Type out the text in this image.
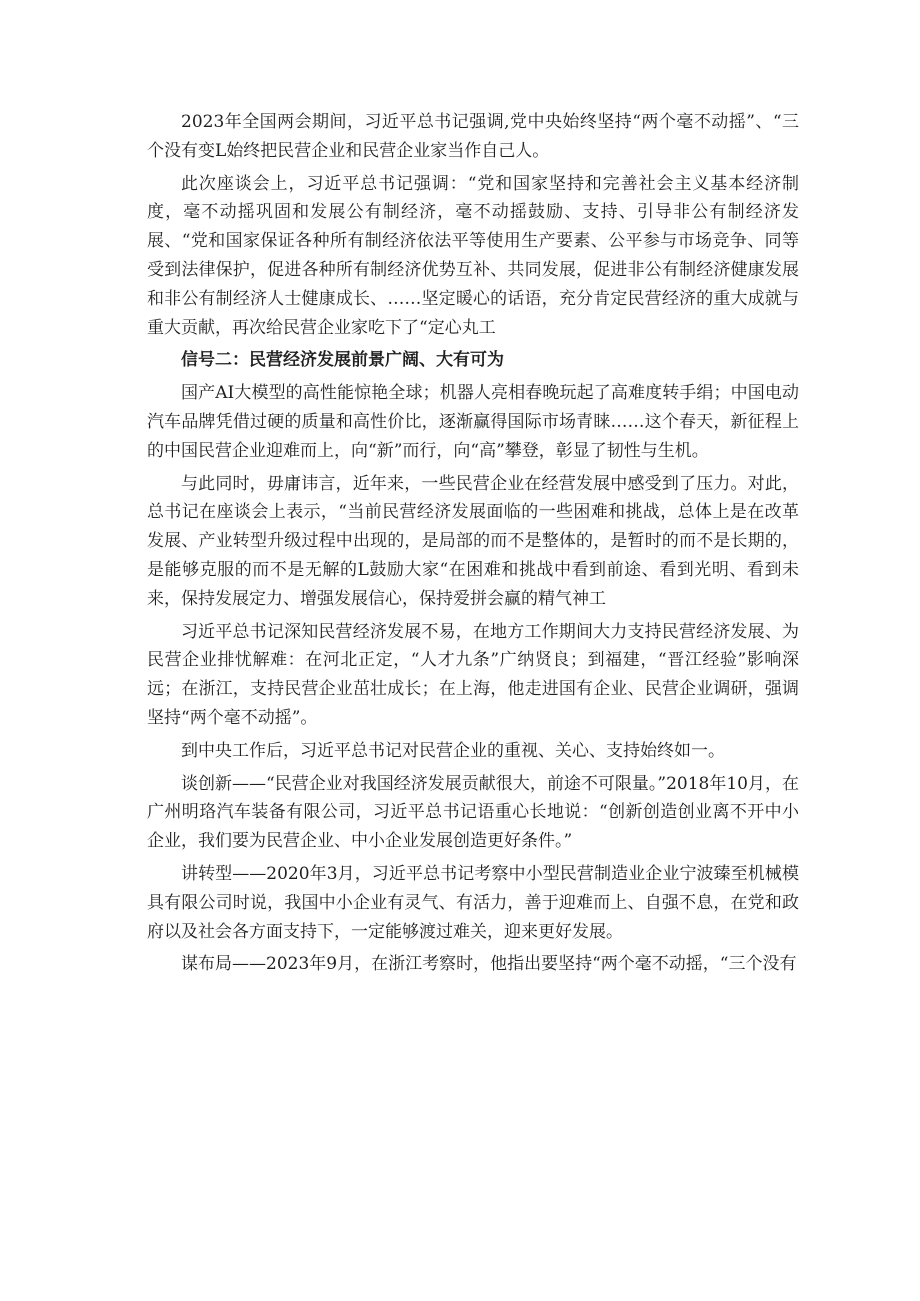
2023年全国两会期间，习近平总书记强调,党中央始终坚持“两个毫不动摇”、“三个没有变L始终把民营企业和民营企业家当作自己人。

此次座谈会上，习近平总书记强调：“党和国家坚持和完善社会主义基本经济制度，毫不动摇巩固和发展公有制经济，毫不动摇鼓励、支持、引导非公有制经济发展、“党和国家保证各种所有制经济依法平等使用生产要素、公平参与市场竞争、同等受到法律保护，促进各种所有制经济优势互补、共同发展，促进非公有制经济健康发展和非公有制经济人士健康成长、……坚定暖心的话语，充分肯定民营经济的重大成就与重大贡献，再次给民营企业家吃下了“定心丸工

信号二：民营经济发展前景广阔、大有可为

国产AI大模型的高性能惊艳全球；机器人亮相春晚玩起了高难度转手绢；中国电动汽车品牌凭借过硬的质量和高性价比，逐渐赢得国际市场青睐……这个春天，新征程上的中国民营企业迎难而上，向“新”而行，向“高”攀登，彰显了韧性与生机。

与此同时，毋庸讳言，近年来，一些民营企业在经营发展中感受到了压力。对此，总书记在座谈会上表示，“当前民营经济发展面临的一些困难和挑战，总体上是在改革发展、产业转型升级过程中出现的，是局部的而不是整体的，是暂时的而不是长期的，是能够克服的而不是无解的L鼓励大家“在困难和挑战中看到前途、看到光明、看到未来，保持发展定力、增强发展信心，保持爱拼会赢的精气神工

习近平总书记深知民营经济发展不易，在地方工作期间大力支持民营经济发展、为民营企业排忧解难：在河北正定，“人才九条”广纳贤良；到福建，“晋江经验”影响深远；在浙江，支持民营企业茁壮成长；在上海，他走进国有企业、民营企业调研，强调坚持“两个毫不动摇”。

到中央工作后，习近平总书记对民营企业的重视、关心、支持始终如一。

谈创新——“民营企业对我国经济发展贡献很大，前途不可限量。”2018年10月，在广州明珞汽车装备有限公司，习近平总书记语重心长地说：“创新创造创业离不开中小企业，我们要为民营企业、中小企业发展创造更好条件。”

讲转型——2020年3月，习近平总书记考察中小型民营制造业企业宁波臻至机械模具有限公司时说，我国中小企业有灵气、有活力，善于迎难而上、自强不息，在党和政府以及社会各方面支持下，一定能够渡过难关，迎来更好发展。

谋布局——2023年9月，在浙江考察时，他指出要坚持“两个毫不动摇，“三个没有
